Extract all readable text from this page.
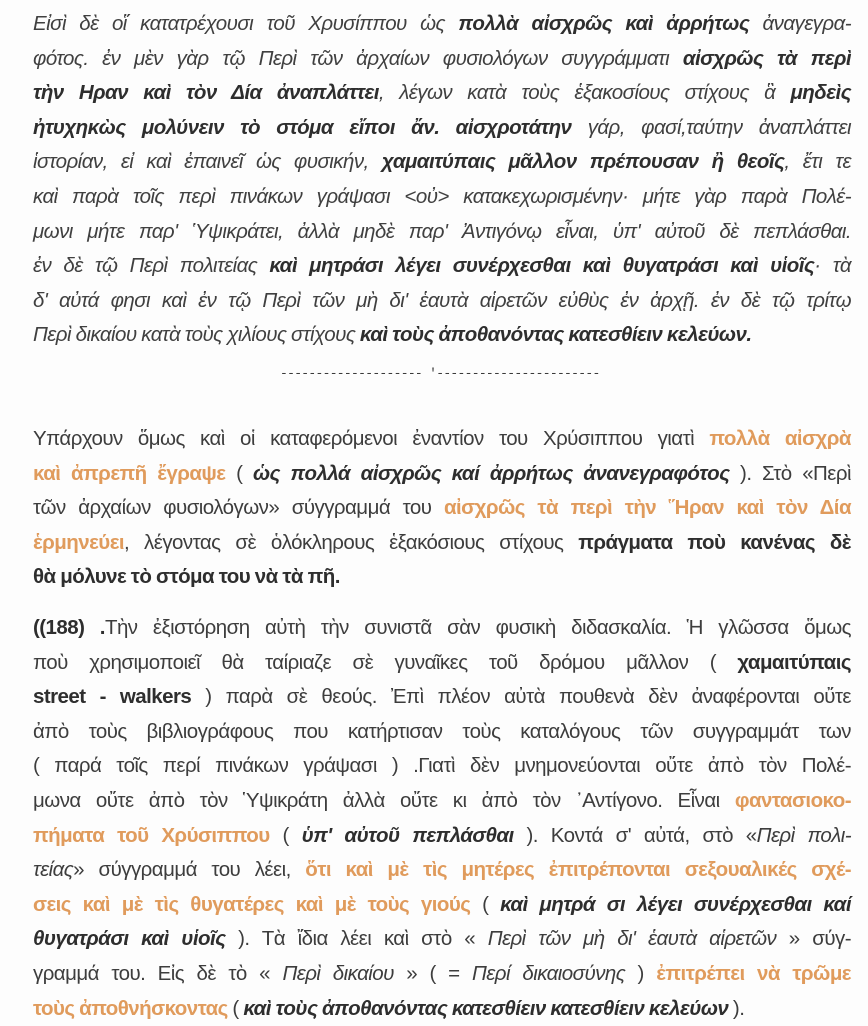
Εἰσὶ δὲ οἵ κατατρέχουσι τοῦ Χρυσίππου ὡς πολλὰ αἰσχρῶς καὶ ἀρρήτως ἀναγεγρα-
φότος. ἐν μὲν γὰρ τῷ Περὶ τῶν ἀρχαίων φυσιολόγων συγγράμματι αἰσχρῶς τὰ περὶ
τὴν Ηραν καὶ τὸν Δία ἀναπλάττει, λέγων κατὰ τοὺς ἑξακοσίους στίχους ἃ μηδεὶς
ἠτυχηκὼς μολύνειν τὸ στόμα εἴποι ἄν. αἰσχροτάτην γάρ, φασί,ταύτην ἀναπλάττει
ἱστορίαν, εἰ καὶ ἐπαινεῖ ὡς φυσικήν, χαμαιτύπαις μᾶλλον πρέπουσαν ἢ θεοῖς, ἔτι τε
καὶ παρὰ τοῖς περὶ πινάκων γράψασι <οὐ> κατακεχωρισμένην· μήτε γὰρ παρὰ Πολέ-
μωνι μήτε παρ' Ὑψικράτει, ἀλλὰ μηδὲ παρ' Ἀντιγόνῳ εἶναι, ὑπ' αὐτοῦ δὲ πεπλάσθαι.
ἐν δὲ τῷ Περὶ πολιτείας καὶ μητράσι λέγει συνέρχεσθαι καὶ θυγατράσι καὶ υἱοῖς· τὰ
δ' αὐτά φησι καὶ ἐν τῷ Περὶ τῶν μὴ δι' ἑαυτὰ αἱρετῶν εὐθὺς ἐν ἀρχῇ. ἐν δὲ τῷ τρίτῳ
Περὶ δικαίου κατὰ τοὺς χιλίους στίχους καὶ τοὺς ἀποθανόντας κατεσθίειν κελεύων.
-------------------- '-----------------------
Υπάρχουν ὅμως καὶ οἱ καταφερόμενοι ἐναντίον του Χρύσιππου γιατὶ πολλὰ αἰσχρὰ
καὶ ἀπρεπῆ ἔγραψε ( ὡς πολλά αἰσχρῶς καί ἀρρήτως ἀνανεγραφότος ). Στὸ «Περὶ
τῶν ἀρχαίων φυσιολόγων» σύγγραμμά του αἰσχρῶς τὰ περὶ τὴν Ἥραν καὶ τὸν Δία
ἑρμηνεύει, λέγοντας σὲ ὁλόκληρους ἑξακόσιους στίχους πράγματα ποὺ κανένας δὲ
θὰ μόλυνε τὸ στόμα του νὰ τὰ πῆ.
((188) .Τὴν ἐξιστόρηση αὐτὴ τὴν συνιστᾶ σὰν φυσικὴ διδασκαλία. Ἡ γλῶσσα ὅμως
ποὺ χρησιμοποιεῖ θὰ ταίριαζε σὲ γυναῖκες τοῦ δρόμου μᾶλλον ( χαμαιτύπαις
street - walkers ) παρὰ σὲ θεούς. Ἐπὶ πλέον αὐτὰ πουθενὰ δὲν ἀναφέρονται οὔτε
ἀπὸ τοὺς βιβλιογράφους που κατήρτισαν τοὺς καταλόγους τῶν συγγραμμάτ των
( παρά τοῖς περί πινάκων γράψασι ) .Γιατὶ δὲν μνημονεύονται οὔτε ἀπὸ τὸν Πολέ-
μωνα οὔτε ἀπὸ τὸν Ὑψικράτη ἀλλὰ οὔτε κι ἀπὸ τὸν ᾿Αντίγονο. Εἶναι φαντασιοκο-
πήματα τοῦ Χρύσιππου ( ὑπ' αὐτοῦ πεπλάσθαι ). Κοντά σ' αὐτά, στὸ «Περὶ πολι-
τείας» σύγγραμμά του λέει, ὅτι καὶ μὲ τὶς μητέρες ἐπιτρέπονται σεξουαλικές σχέ-
σεις καὶ μὲ τὶς θυγατέρες καὶ μὲ τοὺς γιούς ( καὶ μητρά σι λέγει συνέρχεσθαι καί
θυγατράσι καὶ υἱοῖς ). Τὰ ἴδια λέει καὶ στὸ « Περὶ τῶν μὴ δι' ἑαυτὰ αἱρετῶν » σύγ-
γραμμά του. Εἰς δὲ τὸ « Περὶ δικαίου » ( = Περί δικαιοσύνης ) ἐπιτρέπει νὰ τρῶμε
τοὺς ἀποθνήσκοντας ( καὶ τοὺς ἀποθανόντας κατεσθίειν κατεσθίειν κελεύων ).
